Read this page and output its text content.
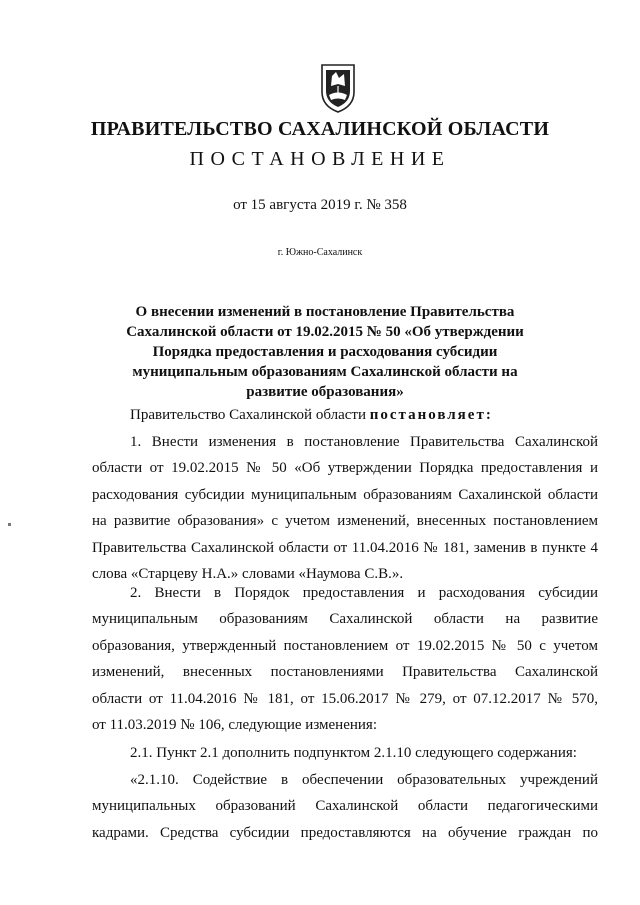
ПРАВИТЕЛЬСТВО САХАЛИНСКОЙ ОБЛАСТИ

ПОСТАНОВЛЕНИЕ

от 15 августа 2019 г. № 358

г. Южно-Сахалинск

О внесении изменений в постановление Правительства Сахалинской области от 19.02.2015 № 50 «Об утверждении Порядка предоставления и расходования субсидии муниципальным образованиям Сахалинской области на развитие образования»

Правительство Сахалинской области постановляет:

1. Внести изменения в постановление Правительства Сахалинской

области от 19.02.2015 № 50 «Об утверждении Порядка предоставления и

расходования субсидии муниципальным образованиям Сахалинской области

на развитие образования» с учетом изменений, внесенных постановлением

Правительства Сахалинской области от 11.04.2016 № 181, заменив в пункте 4

слова «Старцеву Н.А.» словами «Наумова С.В.».

2. Внести в Порядок предоставления и расходования субсидии

муниципальным образованиям Сахалинской области на развитие

образования, утвержденный постановлением от 19.02.2015 № 50 с учетом

изменений, внесенных постановлениями Правительства Сахалинской

области от 11.04.2016 № 181, от 15.06.2017 № 279, от 07.12.2017 № 570,

от 11.03.2019 № 106, следующие изменения:

2.1. Пункт 2.1 дополнить подпунктом 2.1.10 следующего содержания:

«2.1.10. Содействие в обеспечении образовательных учреждений

муниципальных образований Сахалинской области педагогическими

кадрами. Средства субсидии предоставляются на обучение граждан по
